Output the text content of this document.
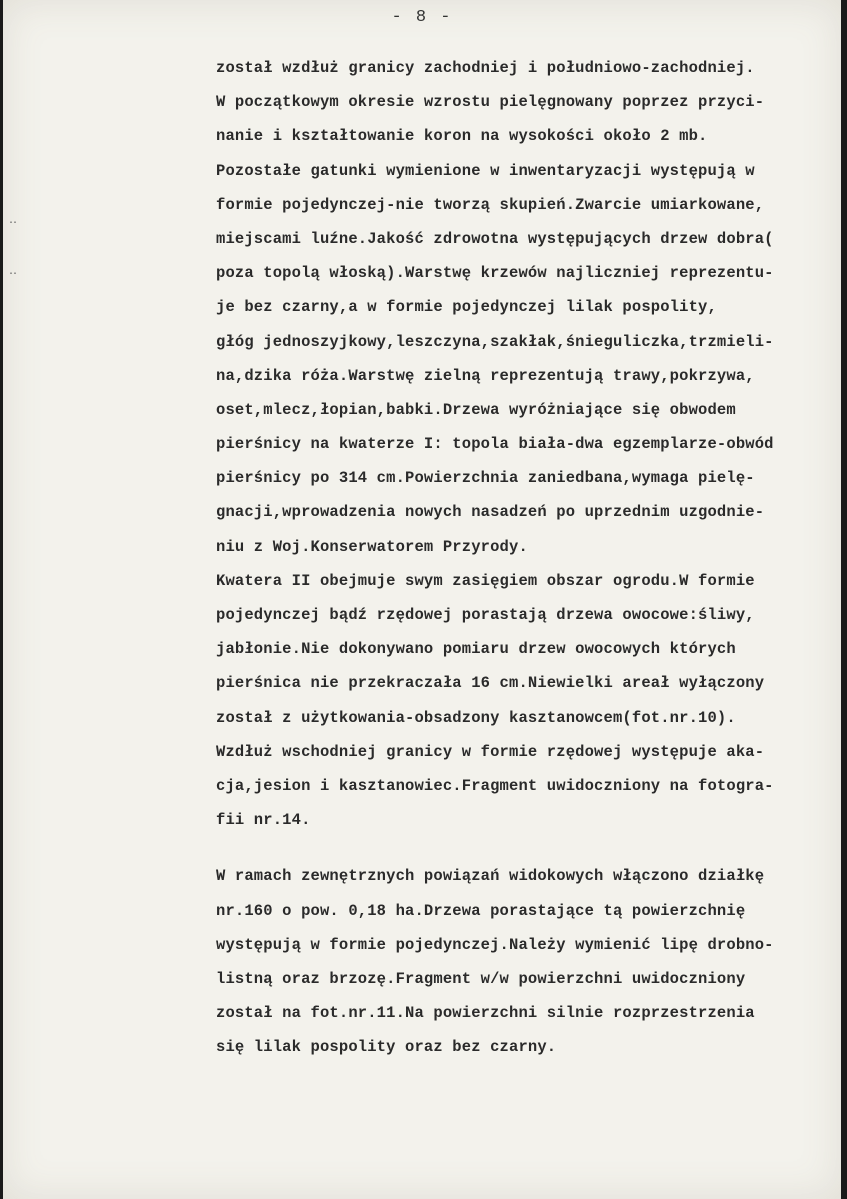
- 8 -
‥
‥
został wzdłuż granicy zachodniej i południowo-zachodniej.
W początkowym okresie wzrostu pielęgnowany poprzez przyci-
nanie i kształtowanie koron na wysokości około 2 mb.
Pozostałe gatunki wymienione w inwentaryzacji występują w
formie pojedynczej-nie tworzą skupień.Zwarcie umiarkowane,
miejscami luźne.Jakość zdrowotna występujących drzew dobra(
poza topolą włoską).Warstwę krzewów najliczniej reprezentu-
je bez czarny,a w formie pojedynczej lilak pospolity,
głóg jednoszyjkowy,leszczyna,szakłak,śnieguliczka,trzmieli-
na,dzika róża.Warstwę zielną reprezentują trawy,pokrzywa,
oset,mlecz,łopian,babki.Drzewa wyróżniające się obwodem
pierśnicy na kwaterze I: topola biała-dwa egzemplarze-obwód
pierśnicy po 314 cm.Powierzchnia zaniedbana,wymaga pielę-
gnacji,wprowadzenia nowych nasadzeń po uprzednim uzgodnie-
niu z Woj.Konserwatorem Przyrody.
Kwatera II obejmuje swym zasięgiem obszar ogrodu.W formie
pojedynczej bądź rzędowej porastają drzewa owocowe:śliwy,
jabłonie.Nie dokonywano pomiaru drzew owocowych których
pierśnica nie przekraczała 16 cm.Niewielki areał wyłączony
został z użytkowania-obsadzony kasztanowcem(fot.nr.10).
Wzdłuż wschodniej granicy w formie rzędowej występuje aka-
cja,jesion i kasztanowiec.Fragment uwidoczniony na fotogra-
fii nr.14.
W ramach zewnętrznych powiązań widokowych włączono działkę
nr.160 o pow. 0,18 ha.Drzewa porastające tą powierzchnię
występują w formie pojedynczej.Należy wymienić lipę drobno-
listną oraz brzozę.Fragment w/w powierzchni uwidoczniony
został na fot.nr.11.Na powierzchni silnie rozprzestrzenia
się lilak pospolity oraz bez czarny.
